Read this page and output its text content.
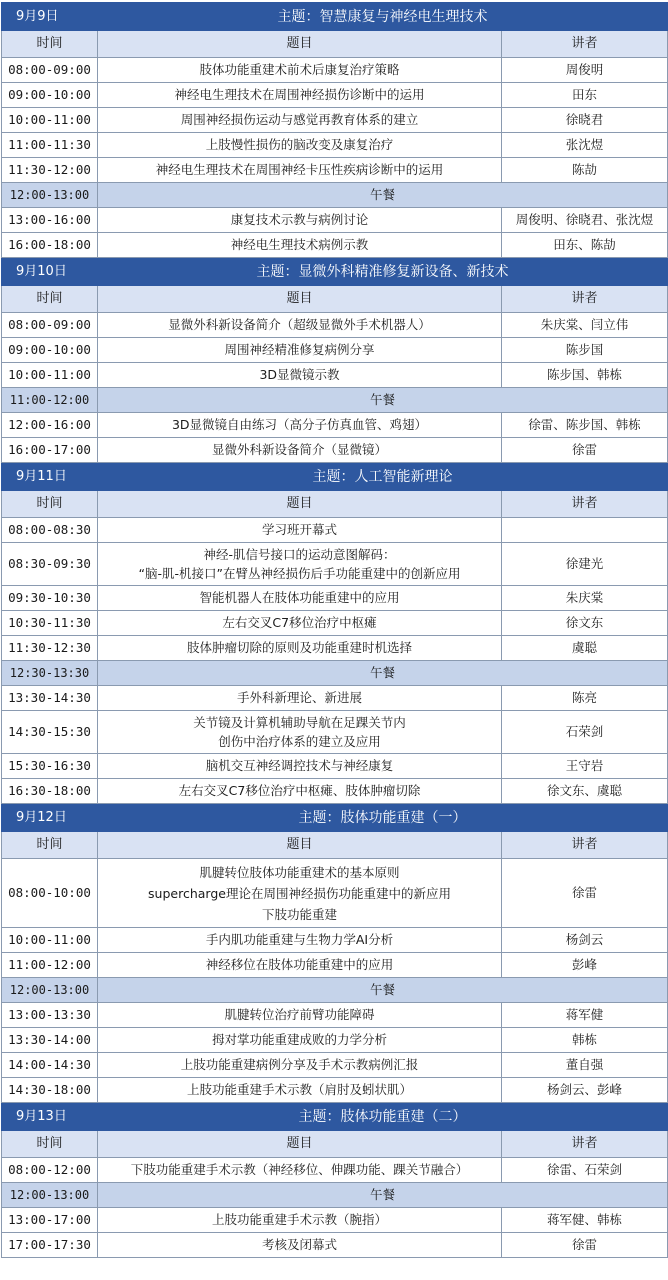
9月9日	主题：智慧康复与神经电生理技术	
时间	题目	讲者
08:00-09:00	肢体功能重建术前术后康复治疗策略	周俊明
09:00-10:00	神经电生理技术在周围神经损伤诊断中的运用	田东
10:00-11:00	周围神经损伤运动与感觉再教育体系的建立	徐晓君
11:00-11:30	上肢慢性损伤的脑改变及康复治疗	张沈煜
11:30-12:00	神经电生理技术在周围神经卡压性疾病诊断中的运用	陈劼
12:00-13:00	午餐	
13:00-16:00	康复技术示教与病例讨论	周俊明、徐晓君、张沈煜
16:00-18:00	神经电生理技术病例示教	田东、陈劼
9月10日	主题：显微外科精准修复新设备、新技术	
时间	题目	讲者
08:00-09:00	显微外科新设备简介（超级显微外手术机器人）	朱庆棠、闫立伟
09:00-10:00	周围神经精准修复病例分享	陈步国
10:00-11:00	3D显微镜示教	陈步国、韩栋
11:00-12:00	午餐	
12:00-16:00	3D显微镜自由练习（高分子仿真血管、鸡翅）	徐雷、陈步国、韩栋
16:00-17:00	显微外科新设备简介（显微镜）	徐雷
9月11日	主题：人工智能新理论	
时间	题目	讲者
08:00-08:30	学习班开幕式	

08:30-09:30	神经-肌信号接口的运动意图解码：
“脑-肌-机接口”在臂丛神经损伤后手功能重建中的创新应用	徐建光
09:30-10:30	智能机器人在肢体功能重建中的应用	朱庆棠
10:30-11:30	左右交叉C7移位治疗中枢瘫	徐文东
11:30-12:30	肢体肿瘤切除的原则及功能重建时机选择	虞聪
12:30-13:30	午餐	
13:30-14:30	手外科新理论、新进展	陈亮
14:30-15:30	关节镜及计算机辅助导航在足踝关节内
创伤中治疗体系的建立及应用	石荣剑
15:30-16:30	脑机交互神经调控技术与神经康复	王守岩
16:30-18:00	左右交叉C7移位治疗中枢瘫、肢体肿瘤切除	徐文东、虞聪
9月12日	主题：肢体功能重建（一）	
时间	题目	讲者
08:00-10:00	肌腱转位肢体功能重建术的基本原则
supercharge理论在周围神经损伤功能重建中的新应用
下肢功能重建	徐雷
10:00-11:00	手内肌功能重建与生物力学AI分析	杨剑云
11:00-12:00	神经移位在肢体功能重建中的应用	彭峰
12:00-13:00	午餐	
13:00-13:30	肌腱转位治疗前臂功能障碍	蒋军健
13:30-14:00	拇对掌功能重建成败的力学分析	韩栋
14:00-14:30	上肢功能重建病例分享及手术示教病例汇报	董自强
14:30-18:00	上肢功能重建手术示教（肩肘及蚓状肌）	杨剑云、彭峰
9月13日	主题：肢体功能重建（二）	
时间	题目	讲者
08:00-12:00	下肢功能重建手术示教（神经移位、伸踝功能、踝关节融合）	徐雷、石荣剑
12:00-13:00	午餐	
13:00-17:00	上肢功能重建手术示教（腕指）	蒋军健、韩栋
17:00-17:30	考核及闭幕式	徐雷
